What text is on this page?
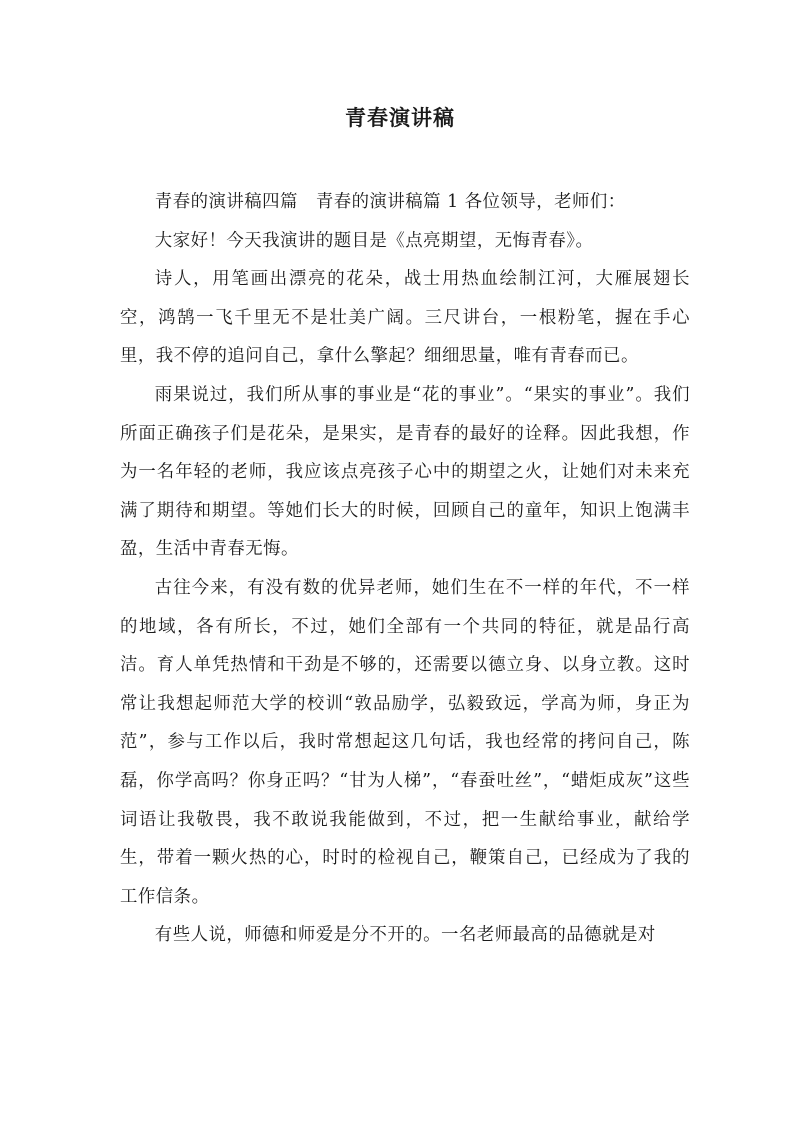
青春演讲稿

青春的演讲稿四篇　青春的演讲稿篇 1 各位领导，老师们：

大家好！今天我演讲的题目是《点亮期望，无悔青春》。

诗人，用笔画出漂亮的花朵，战士用热血绘制江河，大雁展翅长空，鸿鹄一飞千里无不是壮美广阔。三尺讲台，一根粉笔，握在手心里，我不停的追问自己，拿什么擎起？细细思量，唯有青春而已。

雨果说过，我们所从事的事业是“花的事业”。“果实的事业”。我们所面正确孩子们是花朵，是果实，是青春的最好的诠释。因此我想，作为一名年轻的老师，我应该点亮孩子心中的期望之火，让她们对未来充满了期待和期望。等她们长大的时候，回顾自己的童年，知识上饱满丰盈，生活中青春无悔。

古往今来，有没有数的优异老师，她们生在不一样的年代，不一样的地域，各有所长，不过，她们全部有一个共同的特征，就是品行高洁。育人单凭热情和干劲是不够的，还需要以德立身、以身立教。这时常让我想起师范大学的校训“敦品励学，弘毅致远，学高为师，身正为范”，参与工作以后，我时常想起这几句话，我也经常的拷问自己，陈磊，你学高吗？你身正吗？“甘为人梯”，“春蚕吐丝”，“蜡炬成灰”这些词语让我敬畏，我不敢说我能做到，不过，把一生献给事业，献给学生，带着一颗火热的心，时时的检视自己，鞭策自己，已经成为了我的工作信条。

有些人说，师德和师爱是分不开的。一名老师最高的品德就是对
